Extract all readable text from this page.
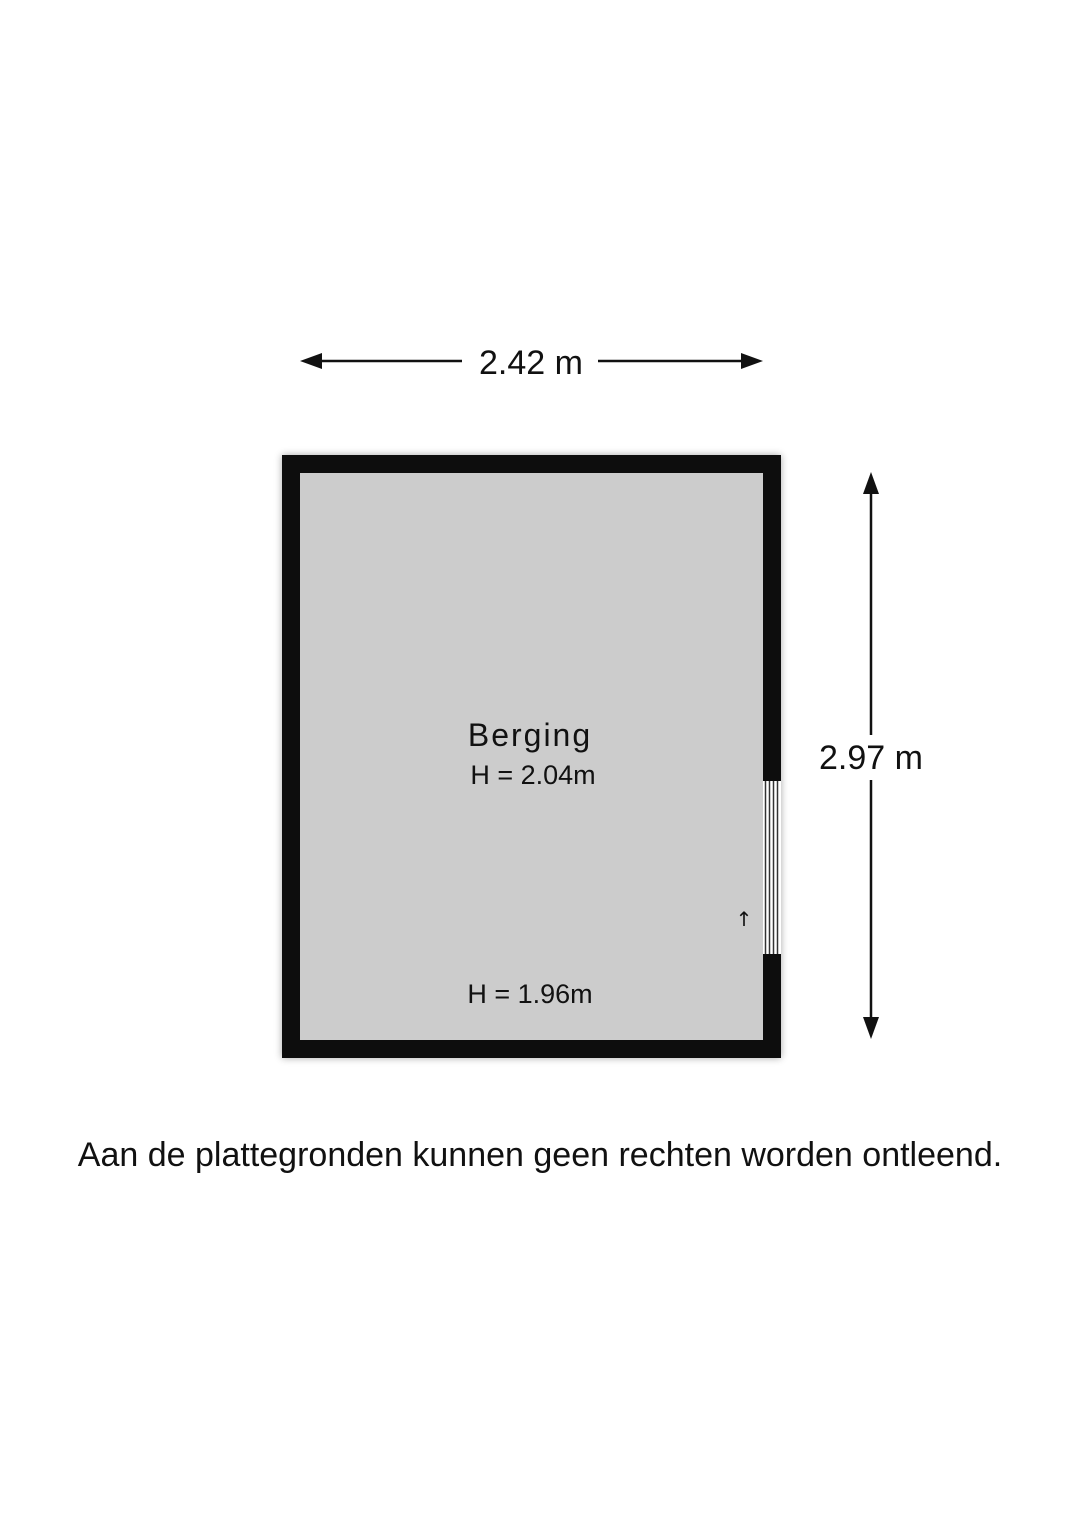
2.42 m
2.97 m
Berging
H = 2.04m
H = 1.96m
↑
Aan de plattegronden kunnen geen rechten worden ontleend.
